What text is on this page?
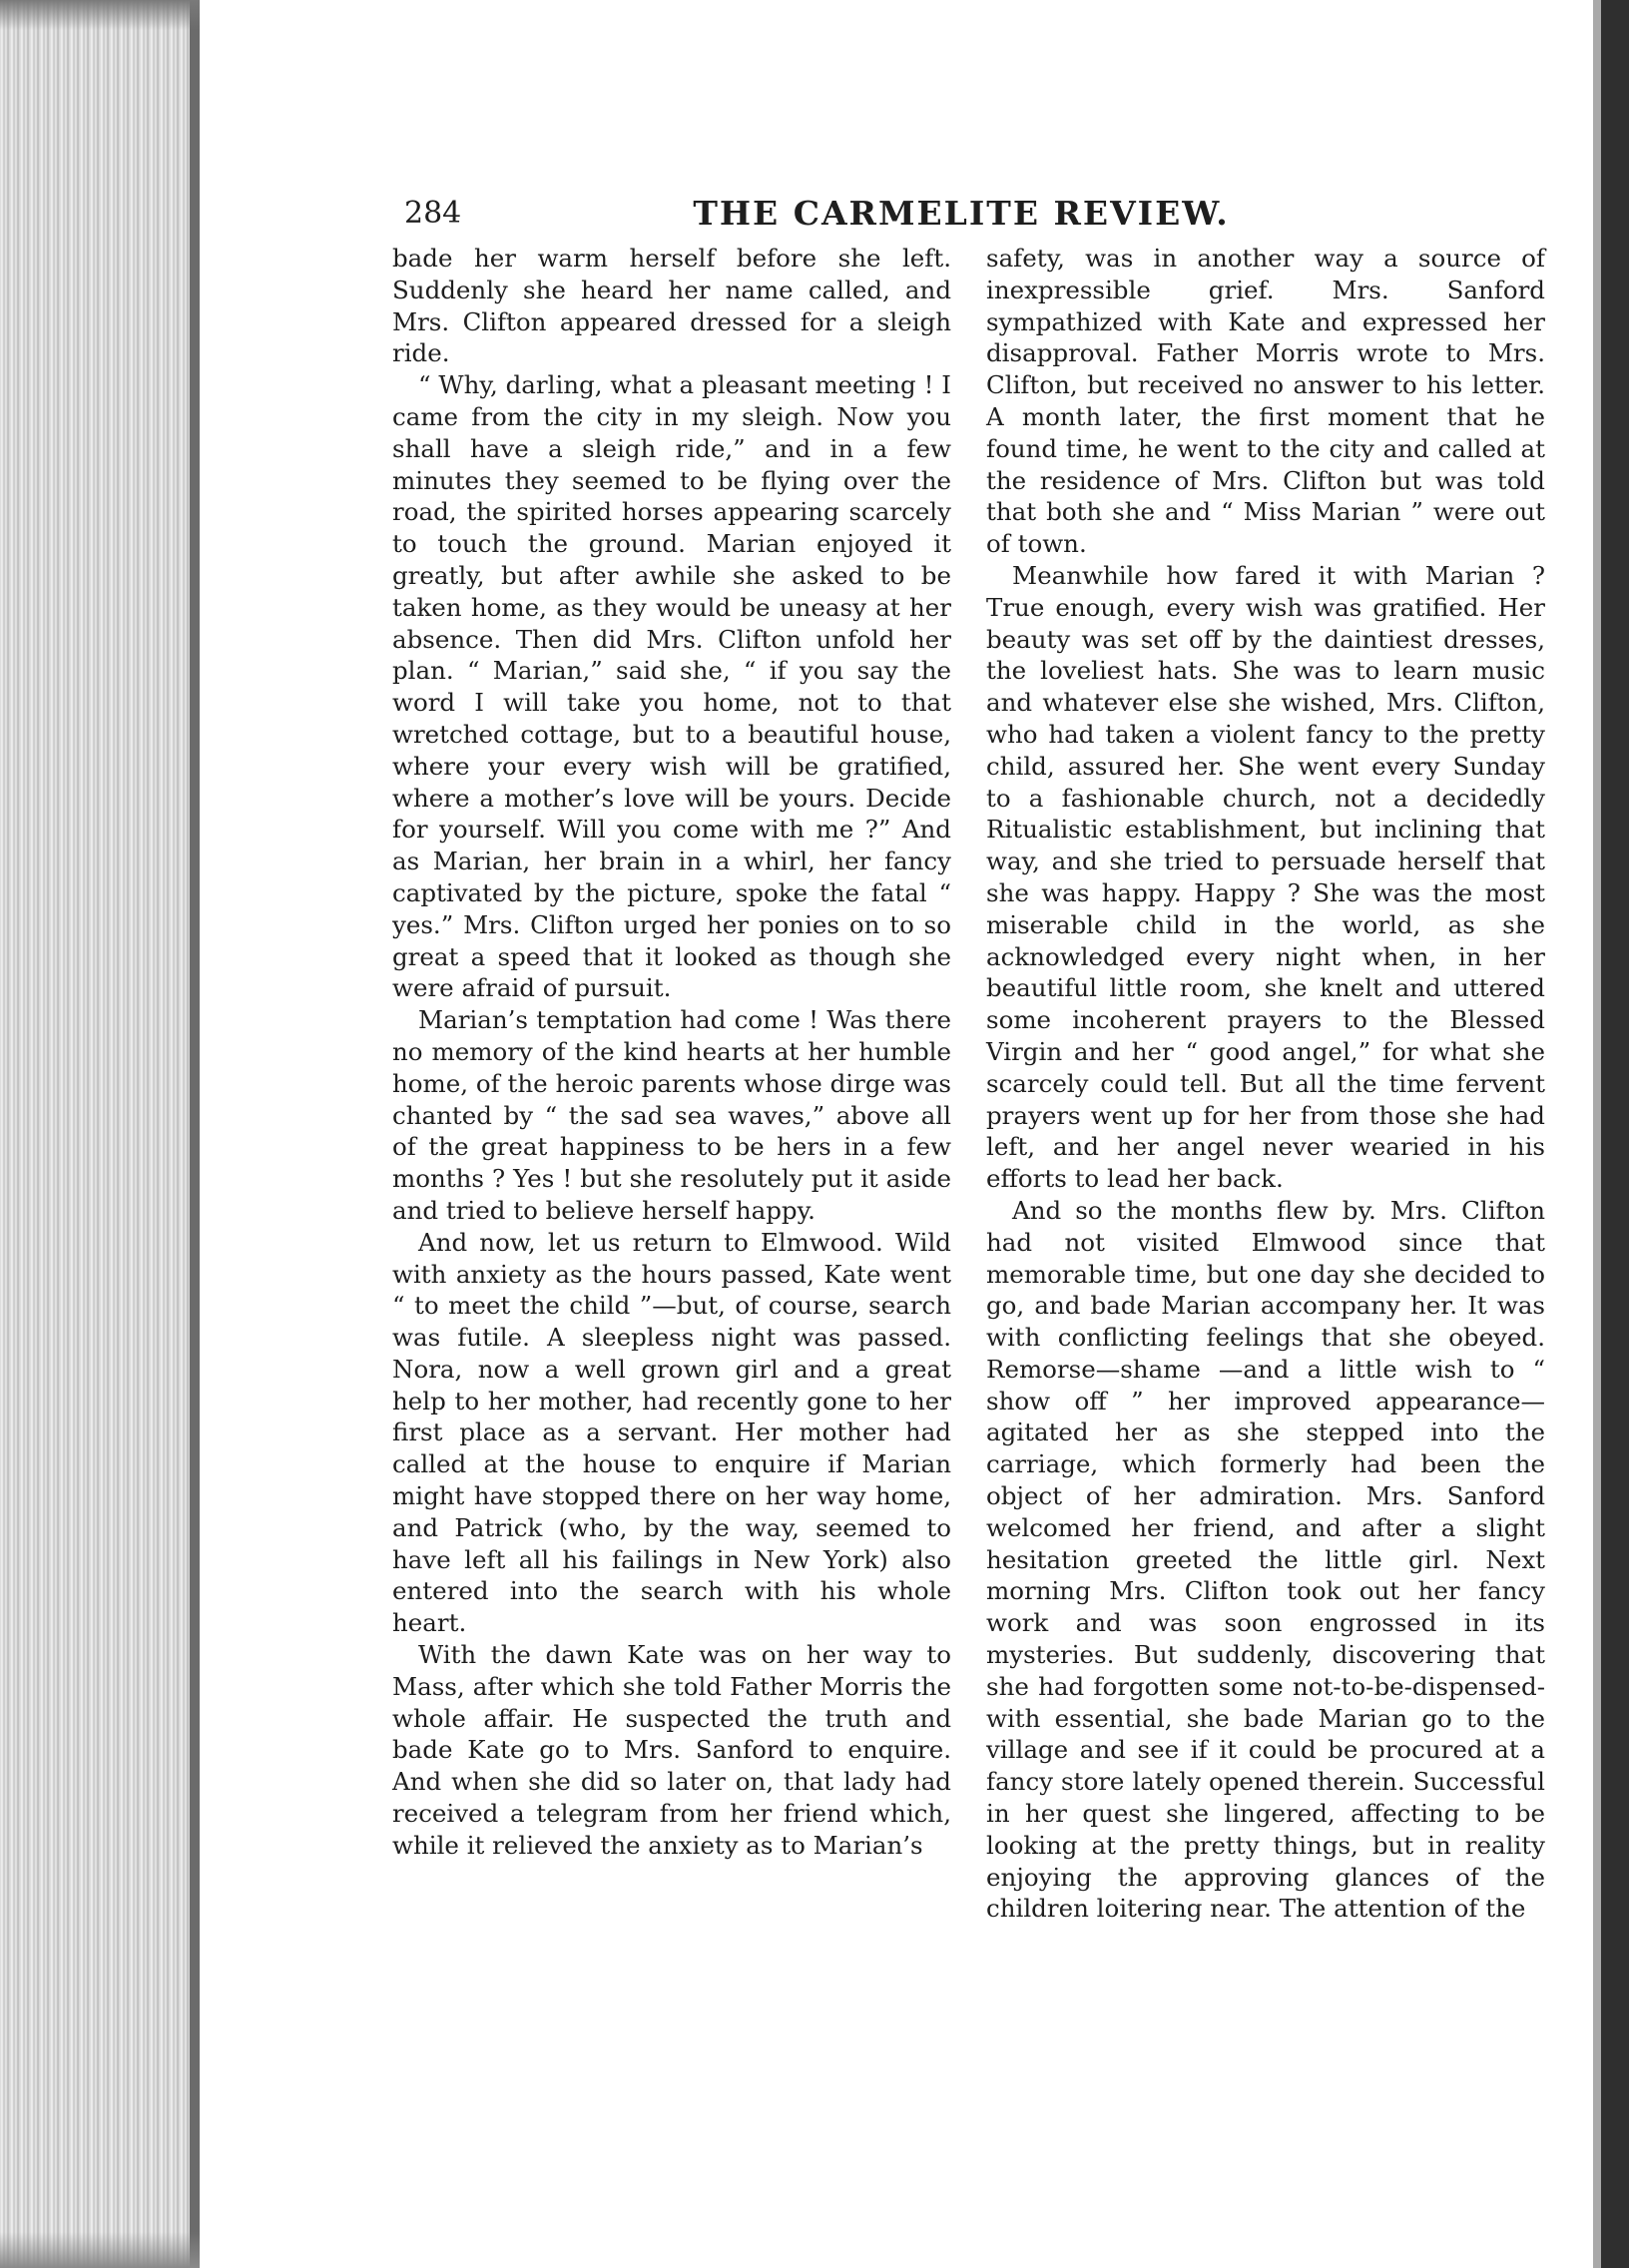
284	THE CARMELITE REVIEW.

bade her warm herself before she left. Suddenly she heard her name called, and Mrs. Clifton appeared dressed for a sleigh ride.

“ Why, darling, what a pleasant meeting ! I came from the city in my sleigh. Now you shall have a sleigh ride,” and in a few minutes they seemed to be flying over the road, the spirited horses appearing scarcely to touch the ground. Marian enjoyed it greatly, but after awhile she asked to be taken home, as they would be uneasy at her absence. Then did Mrs. Clifton unfold her plan. “ Marian,” said she, “ if you say the word I will take you home, not to that wretched cottage, but to a beautiful house, where your every wish will be gratified, where a mother’s love will be yours. Decide for yourself. Will you come with me ?” And as Marian, her brain in a whirl, her fancy captivated by the picture, spoke the fatal “ yes.” Mrs. Clifton urged her ponies on to so great a speed that it looked as though she were afraid of pursuit.

Marian’s temptation had come ! Was there no memory of the kind hearts at her humble home, of the heroic parents whose dirge was chanted by “ the sad sea waves,” above all of the great happiness to be hers in a few months ? Yes ! but she resolutely put it aside and tried to believe herself happy.

And now, let us return to Elmwood. Wild with anxiety as the hours passed, Kate went “ to meet the child ”—but, of course, search was futile. A sleepless night was passed. Nora, now a well grown girl and a great help to her mother, had recently gone to her first place as a servant. Her mother had called at the house to enquire if Marian might have stopped there on her way home, and Patrick (who, by the way, seemed to have left all his failings in New York) also entered into the search with his whole heart.

With the dawn Kate was on her way to Mass, after which she told Father Morris the whole affair. He suspected the truth and bade Kate go to Mrs. Sanford to enquire. And when she did so later on, that lady had received a telegram from her friend which, while it relieved the anxiety as to Marian’s

safety, was in another way a source of inexpressible grief. Mrs. Sanford sympathized with Kate and expressed her disapproval. Father Morris wrote to Mrs. Clifton, but received no answer to his letter. A month later, the first moment that he found time, he went to the city and called at the residence of Mrs. Clifton but was told that both she and “ Miss Marian ” were out of town.

Meanwhile how fared it with Marian ? True enough, every wish was gratified. Her beauty was set off by the daintiest dresses, the loveliest hats. She was to learn music and whatever else she wished, Mrs. Clifton, who had taken a violent fancy to the pretty child, assured her. She went every Sunday to a fashionable church, not a decidedly Ritualistic establishment, but inclining that way, and she tried to persuade herself that she was happy. Happy ? She was the most miserable child in the world, as she acknowledged every night when, in her beautiful little room, she knelt and uttered some incoherent prayers to the Blessed Virgin and her “ good angel,” for what she scarcely could tell. But all the time fervent prayers went up for her from those she had left, and her angel never wearied in his efforts to lead her back.

And so the months flew by. Mrs. Clifton had not visited Elmwood since that memorable time, but one day she decided to go, and bade Marian accompany her. It was with conflicting feelings that she obeyed. Remorse—shame —and a little wish to “ show off ” her improved appearance—agitated her as she stepped into the carriage, which formerly had been the object of her admiration. Mrs. Sanford welcomed her friend, and after a slight hesitation greeted the little girl. Next morning Mrs. Clifton took out her fancy work and was soon engrossed in its mysteries. But suddenly, discovering that she had forgotten some not-to-be-dispensed-with essential, she bade Marian go to the village and see if it could be procured at a fancy store lately opened therein. Successful in her quest she lingered, affecting to be looking at the pretty things, but in reality enjoying the approving glances of the children loitering near. The attention of the
